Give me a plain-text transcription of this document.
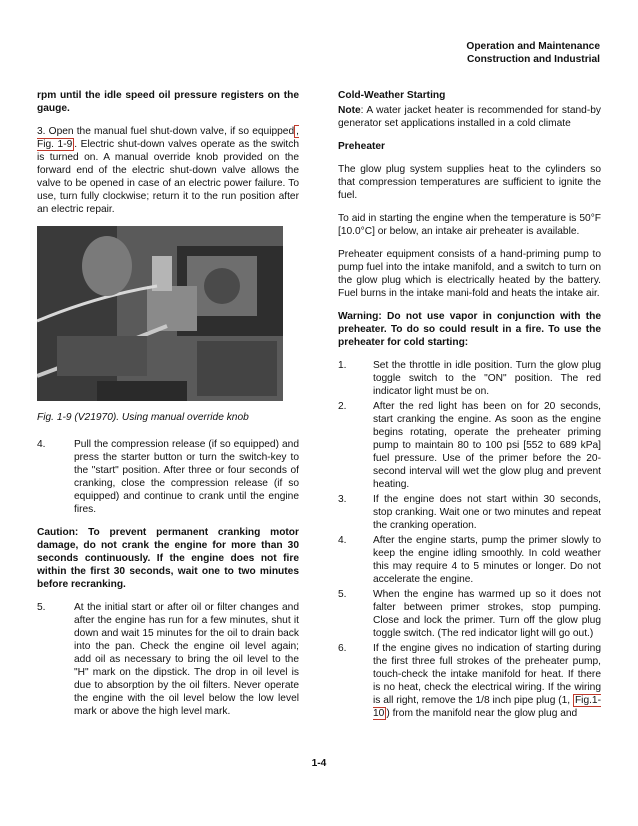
Operation and Maintenance
Construction and Industrial

rpm until the idle speed oil pressure registers on the gauge.

3. Open the manual fuel shut-down valve, if so equipped , Fig. 1-9 . Electric shut-down valves operate as the switch is turned on. A manual override knob provided on the forward end of the electric shut-down valve allows the valve to be opened in case of an electric power failure. To use, turn fully clockwise; return it to the run position after an electric repair.

Fig. 1-9 (V21970). Using manual override knob

4.	Pull the compression release (if so equipped) and press the starter button or turn the switch-key to the "start" position. After three or four seconds of cranking, close the compression release (if so equipped) and continue to crank until the engine fires.

Caution: To prevent permanent cranking motor damage, do not crank the engine for more than 30 seconds continuously. If the engine does not fire within the first 30 seconds, wait one to two minutes before recranking.

5.	At the initial start or after oil or filter changes and after the engine has run for a few minutes, shut it down and wait 15 minutes for the oil to drain back into the pan. Check the engine oil level again; add oil as necessary to bring the oil level to the "H" mark on the dipstick. The drop in oil level is due to absorption by the oil filters. Never operate the engine with the oil level below the low level mark or above the high level mark.
Cold-Weather Starting

Note: A water jacket heater is recommended for stand-by generator set applications installed in a cold climate

Preheater

The glow plug system supplies heat to the cylinders so that compression temperatures are sufficient to ignite the fuel.

To aid in starting the engine when the temperature is 50°F [10.0°C] or below, an intake air preheater is available.

Preheater equipment consists of a hand-priming pump to pump fuel into the intake manifold, and a switch to turn on the glow plug which is electrically heated by the battery. Fuel burns in the intake mani-fold and heats the intake air.

Warning: Do not use vapor in conjunction with the preheater. To do so could result in a fire. To use the preheater for cold starting:

1.	Set the throttle in idle position. Turn the glow plug toggle switch to the "ON" position. The red indicator light must be on.
2.	After the red light has been on for 20 seconds, start cranking the engine. As soon as the engine begins rotating, operate the preheater priming pump to maintain 80 to 100 psi [552 to 689 kPa] fuel pressure. Use of the primer before the 20-second interval will wet the glow plug and prevent heating.
3.	If the engine does not start within 30 seconds, stop cranking. Wait one or two minutes and repeat the cranking operation.
4.	After the engine starts, pump the primer slowly to keep the engine idling smoothly. In cold weather this may require 4 to 5 minutes or longer. Do not accelerate the engine.
5.	When the engine has warmed up so it does not falter between primer strokes, stop pumping. Close and lock the primer. Turn off the glow plug toggle switch. (The red indicator light will go out.)
6.	If the engine gives no indication of starting during the first three full strokes of the preheater pump, touch-check the intake manifold for heat. If there is no heat, check the electrical wiring. If the wiring is all right, remove the 1/8 inch pipe plug (1, Fig.1-10 ) from the manifold near the glow plug and
1-4
